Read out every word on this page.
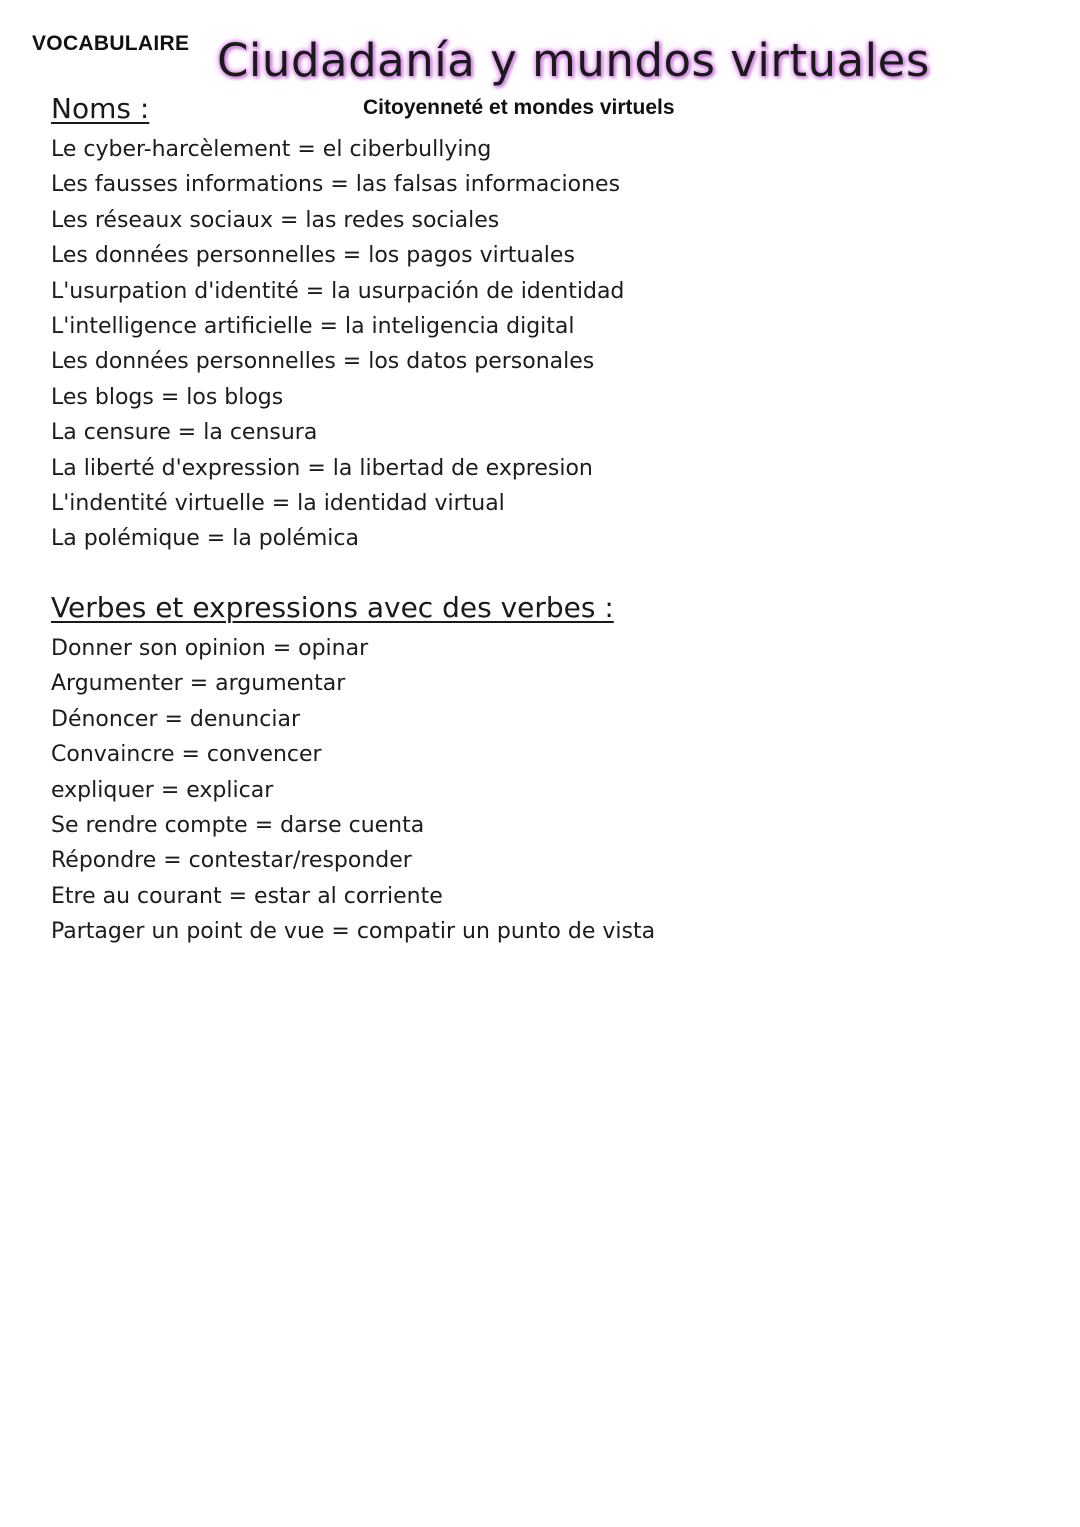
VOCABULAIRE Ciudadanía y mundos virtuales
Citoyenneté et mondes virtuels
Noms :
Le cyber-harcèlement = el ciberbullying
Les fausses informations = las falsas informaciones
Les réseaux sociaux = las redes sociales
Les données personnelles = los pagos virtuales
L'usurpation d'identité = la usurpación de identidad
L'intelligence artificielle = la inteligencia digital
Les données personnelles = los datos personales
Les blogs = los blogs
La censure = la censura
La liberté d'expression = la libertad de expresion
L'indentité virtuelle = la identidad virtual
La polémique = la polémica
Verbes et expressions avec des verbes :
Donner son opinion = opinar
Argumenter = argumentar
Dénoncer = denunciar
Convaincre = convencer
expliquer = explicar
Se rendre compte = darse cuenta
Répondre = contestar/responder
Etre au courant = estar al corriente
Partager un point de vue = compatir un punto de vista
